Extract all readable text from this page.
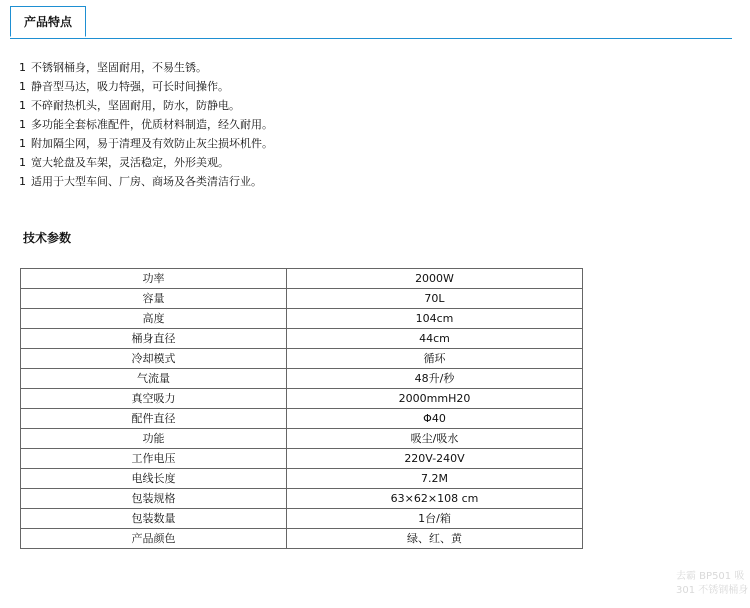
产品特点
1 不锈钢桶身，坚固耐用，不易生锈。
1 静音型马达，吸力特强，可长时间操作。
1 不碎耐热机头，坚固耐用，防水，防静电。
1 多功能全套标准配件，优质材料制造，经久耐用。
1 附加隔尘网，易于清理及有效防止灰尘损坏机件。
1 宽大轮盘及车架，灵活稳定，外形美观。
1 适用于大型车间、厂房、商场及各类清洁行业。
技术参数
功率	2000W
容量	70L
高度	104cm
桶身直径	44cm
冷却模式	循环
气流量	48升/秒
真空吸力	2000mmH20
配件直径	Φ40
功能	吸尘/吸水
工作电压	220V-240V
电线长度	7.2M
包装规格	63×62×108 cm
包装数量	1台/箱
产品颜色	绿、红、黄
去霸 BP501 吸
301 不锈钢桶身
